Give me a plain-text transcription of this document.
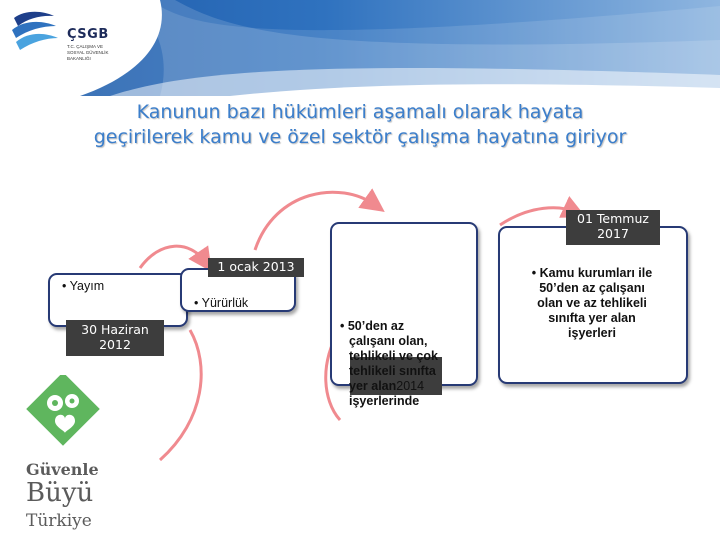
ÇSGB
T.C. ÇALIŞMA VE
SOSYAL GÜVENLİK
BAKANLIĞI
Kanunun bazı hükümleri aşamalı olarak hayata
geçirilerek kamu ve özel sektör çalışma hayatına giriyor
• Yayım
30 Haziran 2012
1 ocak 2013
• Yürürlük
• 50’den az
çalışanı olan,
tehlikeli ve çok
tehlikeli sınıfta
yer alan2014
işyerlerinde
01 Temmuz
2017
• Kamu kurumları ile
50’den az çalışanı
olan ve az tehlikeli
sınıfta yer alan
işyerleri
Güvenle
Büyü
Türkiye
